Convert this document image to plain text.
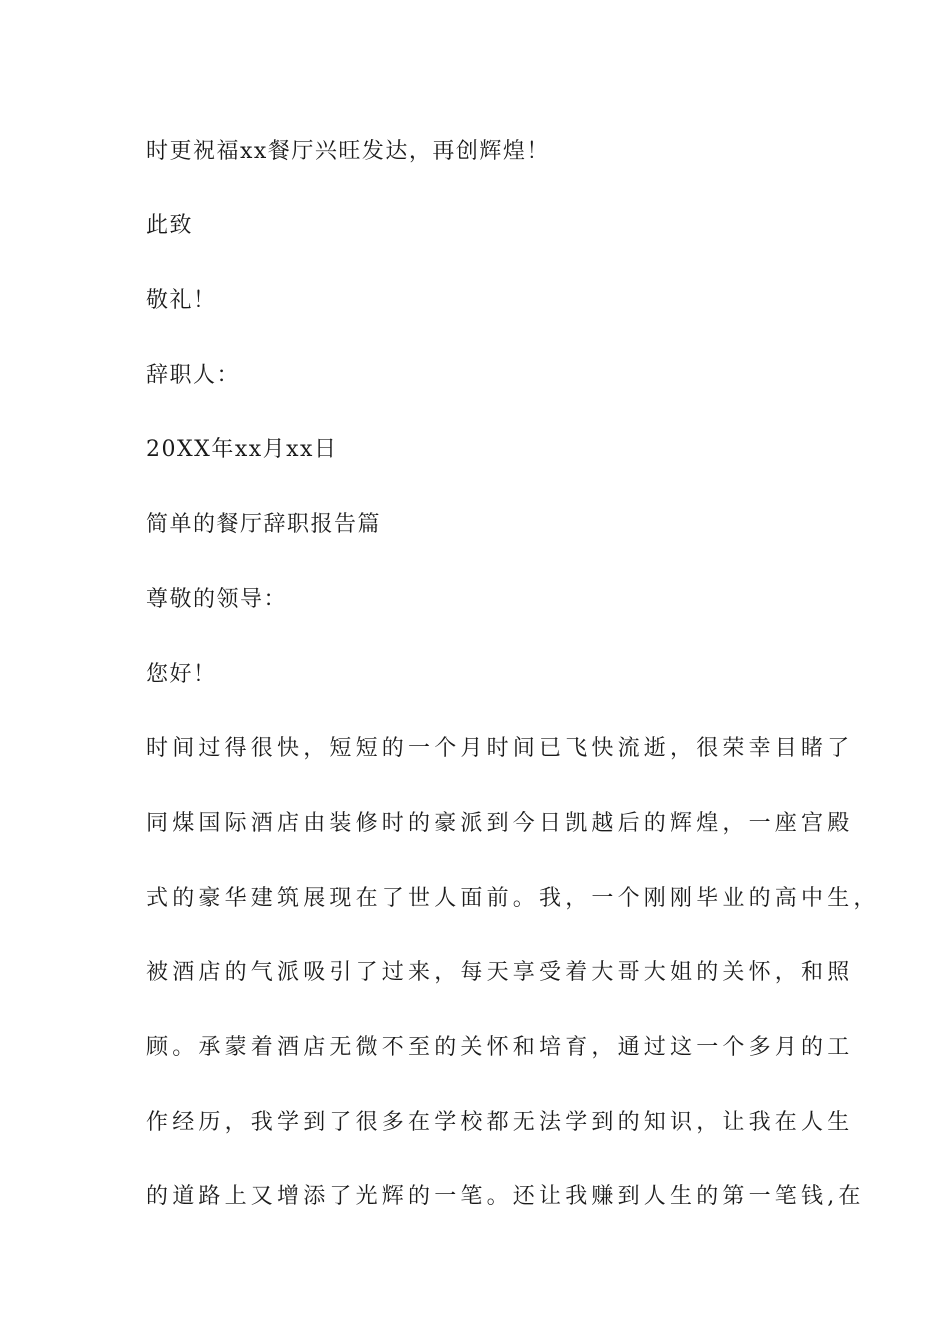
时更祝福xx餐厅兴旺发达，再创辉煌！
此致
敬礼！
辞职人：
20XX年xx月xx日
简单的餐厅辞职报告篇
尊敬的领导：
您好！
时间过得很快，短短的一个月时间已飞快流逝，很荣幸目睹了
同煤国际酒店由装修时的豪派到今日凯越后的辉煌，一座宫殿
式的豪华建筑展现在了世人面前。我，一个刚刚毕业的高中生，
被酒店的气派吸引了过来，每天享受着大哥大姐的关怀，和照
顾。承蒙着酒店无微不至的关怀和培育，通过这一个多月的工
作经历，我学到了很多在学校都无法学到的知识，让我在人生
的道路上又增添了光辉的一笔。还让我赚到人生的第一笔钱,在
